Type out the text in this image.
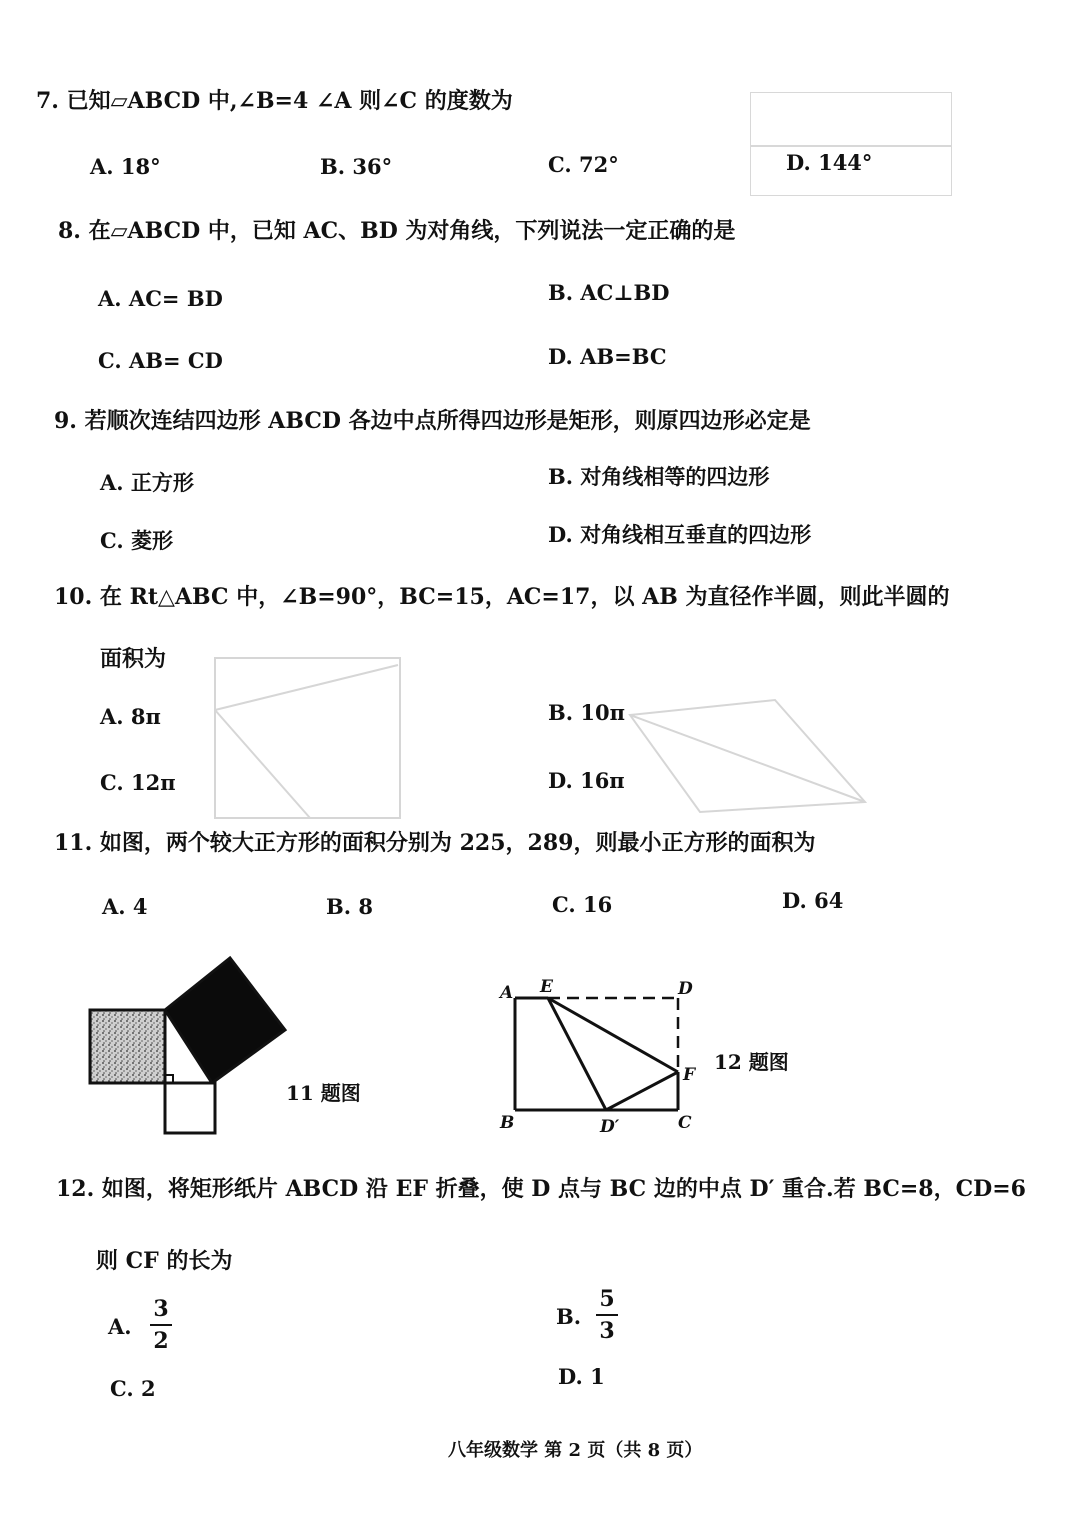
7. 已知▱ABCD 中,∠B=4 ∠A 则∠C 的度数为
A. 18°	B. 36°	C. 72°	D. 144°
8. 在▱ABCD 中，已知 AC、BD 为对角线，下列说法一定正确的是
A. AC= BD	B. AC⊥BD
C. AB= CD	D. AB=BC
9. 若顺次连结四边形 ABCD 各边中点所得四边形是矩形，则原四边形必定是
A. 正方形	B. 对角线相等的四边形
C. 菱形	D. 对角线相互垂直的四边形
10. 在 Rt△ABC 中，∠B=90°，BC=15，AC=17，以 AB 为直径作半圆，则此半圆的
面积为
A. 8π	B. 10π
C. 12π	D. 16π
11. 如图，两个较大正方形的面积分别为 225，289，则最小正方形的面积为
A. 4	B. 8	C. 16	D. 64
11 题图
A E	D
F
B	D′	C
12 题图
12. 如图，将矩形纸片 ABCD 沿 EF 折叠，使 D 点与 BC 边的中点 D′ 重合.若 BC=8，CD=6
则 CF 的长为
A.
3
2
B.
5
3
C. 2	D. 1
八年级数学 第 2 页（共 8 页）
